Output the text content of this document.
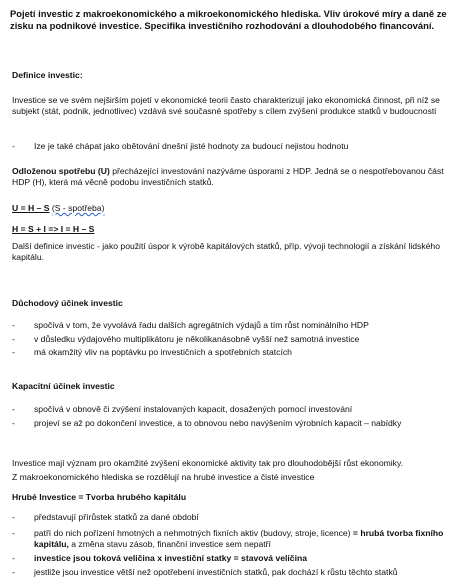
Pojetí investic z makroekonomického a mikroekonomického hlediska. Vliv úrokové míry a daně ze zisku na podnikové investice. Specifika investičního rozhodování a dlouhodobého financování.
Definice investic:
Investice se ve svém nejširším pojetí v ekonomické teorii často charakterizují jako ekonomická činnost, při níž se subjekt (stát, podnik, jednotlivec) vzdává své současné spotřeby s cílem zvýšení produkce statků v budoucnosti
-	Ize je také chápat jako obětování dnešní jisté hodnoty za budoucí nejistou hodnotu
Odloženou spotřebu (U) přecházející investování nazýváme úsporami z HDP. Jedná se o nespotřebovanou část HDP (H), která má věcně podobu investičních statků.
U = H – S (S - spotřeba)
H = S + I => I = H – S
Další definice investic - jako použití úspor k výrobě kapitálových statků, příp. vývoji technologií a získání lidského kapitálu.
Důchodový účinek investic
-	spočívá v tom, že vyvolává řadu dalších agregátních výdajů a tím růst nominálního HDP
-	v důsledku výdajového multiplikátoru je několikanásobně vyšší než samotná investice
-	má okamžitý vliv na poptávku po investičních a spotřebních statcích
Kapacitní účinek investic
-	spočívá v obnově či zvýšení instalovaných kapacit, dosažených pomocí investování
-	projeví se až po dokončení investice, a to obnovou nebo navýšením výrobních kapacit – nabídky
Investice mají význam pro okamžité zvýšení ekonomické aktivity tak pro dlouhodobější růst ekonomiky.
Z makroekonomického hlediska se rozdělují na hrubé investice a čisté investice
Hrubé Investice = Tvorba hrubého kapitálu
-	představují přírůstek statků za dané období
-	patří do nich pořízení hmotných a nehmotných fixních aktiv (budovy, stroje, licence) = hrubá tvorba fixního kapitálu, a změna stavu zásob, finanční investice sem nepatří
-	investice jsou toková veličina x investiční statky = stavová veličina
-	jestliže jsou investice větší než opotřebení investičních statků, pak dochází k růstu těchto statků
